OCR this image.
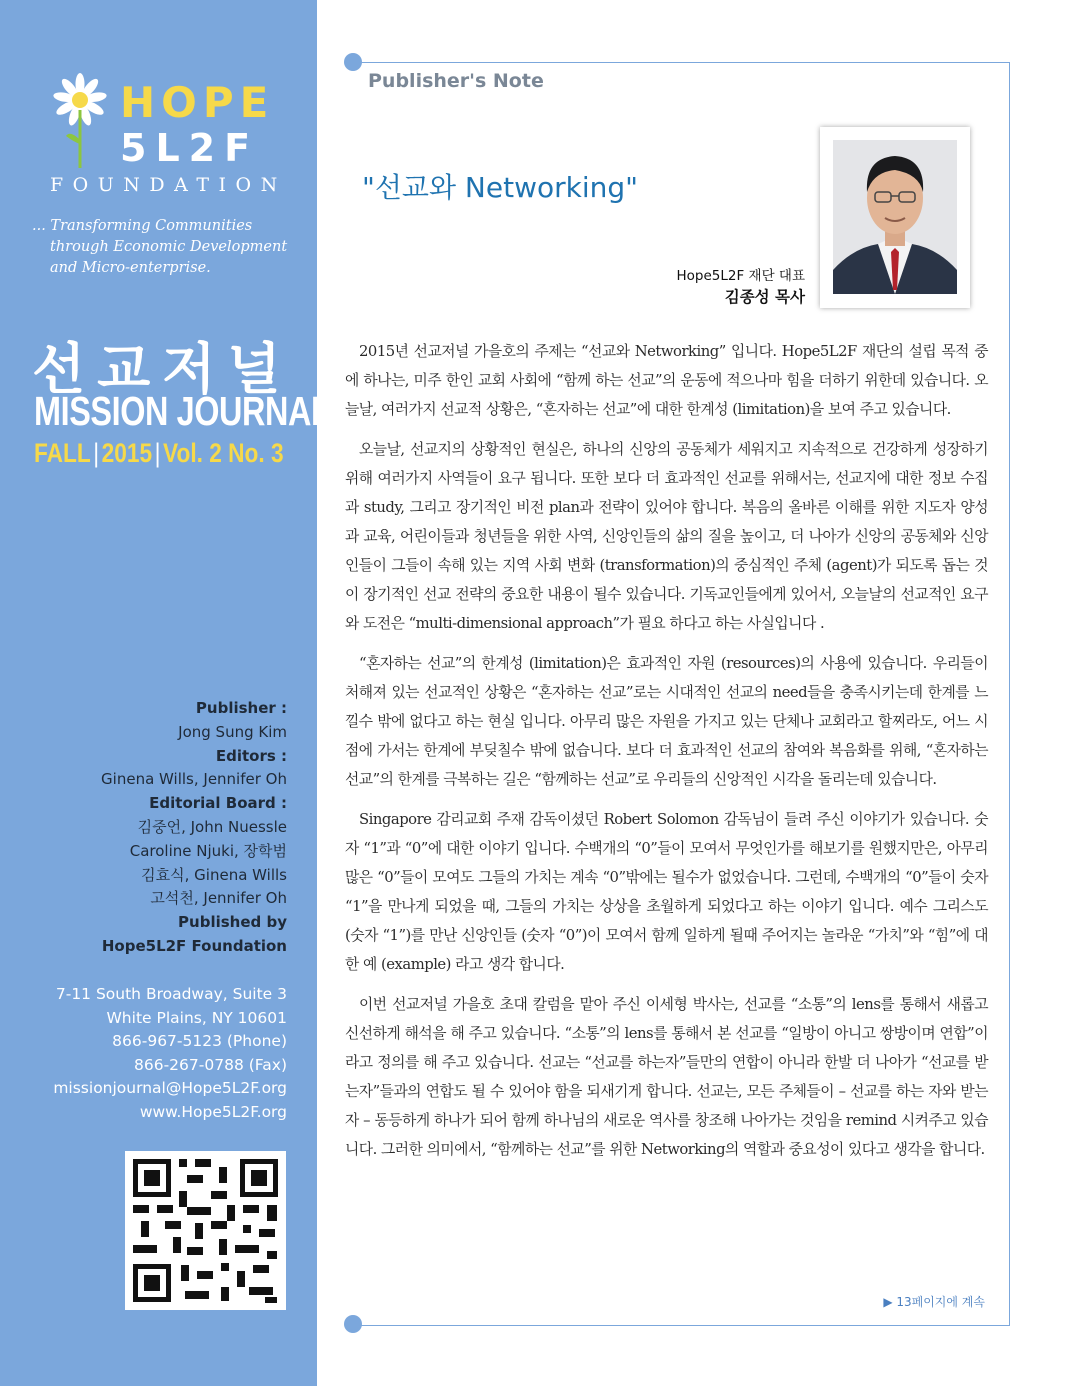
HOPE
5L2F
FOUNDATION
... Transforming Communities
through Economic Development
and Micro-enterprise.
선교저널
MISSION JOURNAL
FALL|2015|Vol. 2 No. 3
Publisher :
Jong Sung Kim
Editors :
Ginena Wills, Jennifer Oh
Editorial Board :
김중언, John Nuessle
Caroline Njuki, 장학범
김효식, Ginena Wills
고석천, Jennifer Oh
Published by
Hope5L2F Foundation
7-11 South Broadway, Suite 3
White Plains, NY 10601
866-967-5123 (Phone)
866-267-0788 (Fax)
missionjournal@Hope5L2F.org
www.Hope5L2F.org
Publisher's Note
"선교와 Networking"
Hope5L2F 재단 대표
김종성 목사

2015년 선교저널 가을호의 주제는 “선교와 Networking” 입니다. Hope5L2F 재단의 설립 목적 중에 하나는, 미주 한인 교회 사회에 “함께 하는 선교”의 운동에 적으나마 힘을 더하기 위한데 있습니다. 오늘날, 여러가지 선교적 상황은, “혼자하는 선교”에 대한 한계성 (limitation)을 보여 주고 있습니다.

오늘날, 선교지의 상황적인 현실은, 하나의 신앙의 공동체가 세워지고 지속적으로 건강하게 성장하기 위해 여러가지 사역들이 요구 됩니다. 또한 보다 더 효과적인 선교를 위해서는, 선교지에 대한 정보 수집과 study, 그리고 장기적인 비전 plan과 전략이 있어야 합니다. 복음의 올바른 이해를 위한 지도자 양성과 교육, 어린이들과 청년들을 위한 사역, 신앙인들의 삶의 질을 높이고, 더 나아가 신앙의 공동체와 신앙인들이 그들이 속해 있는 지역 사회 변화 (transformation)의 중심적인 주체 (agent)가 되도록 돕는 것이 장기적인 선교 전략의 중요한 내용이 될수 있습니다. 기독교인들에게 있어서, 오늘날의 선교적인 요구와 도전은 “multi-dimensional approach”가 필요 하다고 하는 사실입니다 .

“혼자하는 선교”의 한계성 (limitation)은 효과적인 자원 (resources)의 사용에 있습니다. 우리들이 처해져 있는 선교적인 상황은 “혼자하는 선교”로는 시대적인 선교의 need들을 충족시키는데 한계를 느낄수 밖에 없다고 하는 현실 입니다. 아무리 많은 자원을 가지고 있는 단체나 교회라고 할찌라도, 어느 시점에 가서는 한계에 부딪칠수 밖에 없습니다. 보다 더 효과적인 선교의 참여와 복음화를 위해, “혼자하는 선교”의 한계를 극복하는 길은 “함께하는 선교”로 우리들의 신앙적인 시각을 돌리는데 있습니다.

Singapore 감리교회 주재 감독이셨던 Robert Solomon 감독님이 들려 주신 이야기가 있습니다. 숫자 “1”과 “0”에 대한 이야기 입니다. 수백개의 “0”들이 모여서 무엇인가를 해보기를 원했지만은, 아무리 많은 “0”들이 모여도 그들의 가치는 계속 “0”밖에는 될수가 없었습니다. 그런데, 수백개의 “0”들이 숫자 “1”을 만나게 되었을 때, 그들의 가치는 상상을 초월하게 되었다고 하는 이야기 입니다. 예수 그리스도 (숫자 “1”)를 만난 신앙인들 (숫자 “0”)이 모여서 함께 일하게 될때 주어지는 놀라운 “가치”와 “힘”에 대한 예 (example) 라고 생각 합니다.

이번 선교저널 가을호 초대 칼럼을 맡아 주신 이세형 박사는, 선교를 “소통”의 lens를 통해서 새롭고 신선하게 해석을 해 주고 있습니다. “소통”의 lens를 통해서 본 선교를 “일방이 아니고 쌍방이며 연합”이라고 정의를 해 주고 있습니다. 선교는 “선교를 하는자”들만의 연합이 아니라 한발 더 나아가 “선교를 받는자”들과의 연합도 될 수 있어야 함을 되새기게 합니다. 선교는, 모든 주체들이 – 선교를 하는 자와 받는자 – 동등하게 하나가 되어 함께 하나님의 새로운 역사를 창조해 나아가는 것임을 remind 시켜주고 있습니다. 그러한 의미에서, “함께하는 선교”를 위한 Networking의 역할과 중요성이 있다고 생각을 합니다.

▶ 13페이지에 계속
